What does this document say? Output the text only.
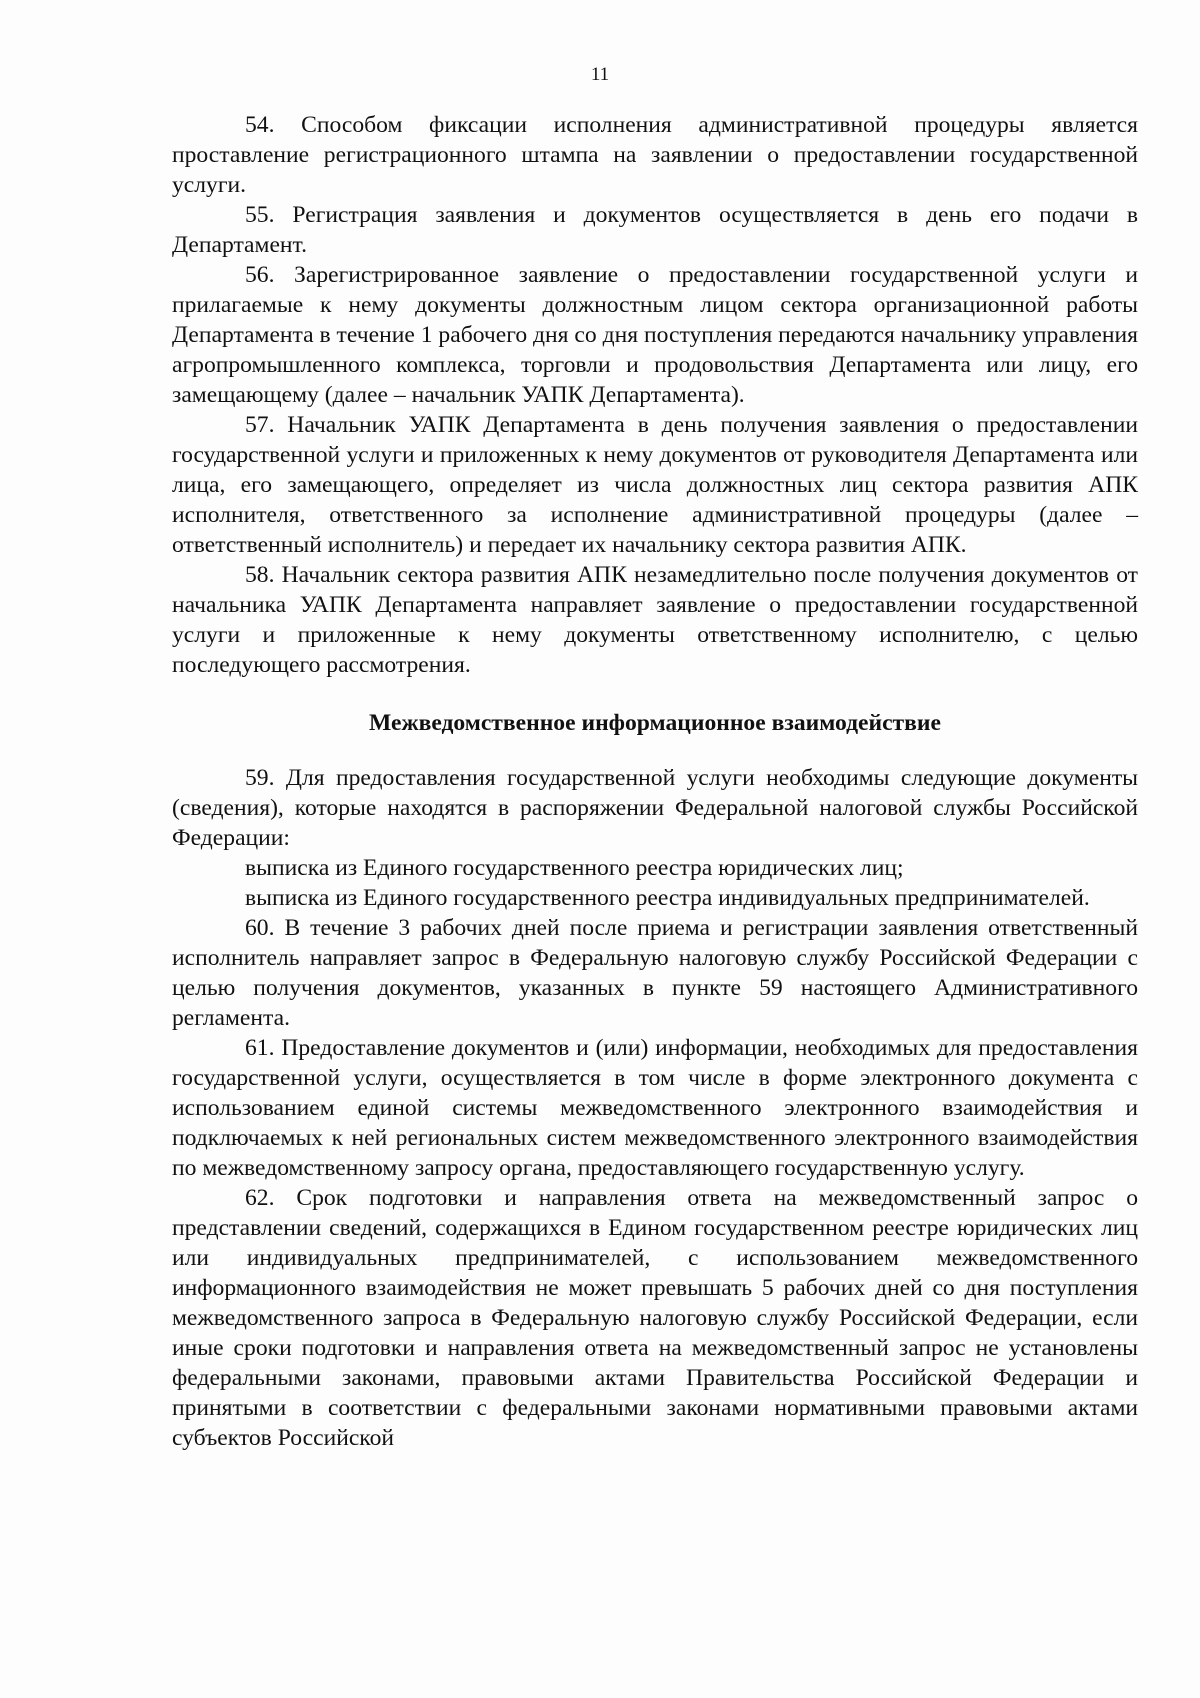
11

54. Способом фиксации исполнения административной процедуры является проставление регистрационного штампа на заявлении о предоставлении государственной услуги.

55. Регистрация заявления и документов осуществляется в день его подачи в Департамент.

56. Зарегистрированное заявление о предоставлении государственной услуги и прилагаемые к нему документы должностным лицом сектора организационной работы Департамента в течение 1 рабочего дня со дня поступления передаются начальнику управления агропромышленного комплекса, торговли и продовольствия Департамента или лицу, его замещающему (далее – начальник УАПК Департамента).

57. Начальник УАПК Департамента в день получения заявления о предоставлении государственной услуги и приложенных к нему документов от руководителя Департамента или лица, его замещающего, определяет из числа должностных лиц сектора развития АПК исполнителя, ответственного за исполнение административной процедуры (далее – ответственный исполнитель) и передает их начальнику сектора развития АПК.

58. Начальник сектора развития АПК незамедлительно после получения документов от начальника УАПК Департамента направляет заявление о предоставлении государственной услуги и приложенные к нему документы ответственному исполнителю, с целью последующего рассмотрения.

Межведомственное информационное взаимодействие

59. Для предоставления государственной услуги необходимы следующие документы (сведения), которые находятся в распоряжении Федеральной налоговой службы Российской Федерации:

выписка из Единого государственного реестра юридических лиц;

выписка из Единого государственного реестра индивидуальных предпринимателей.

60. В течение 3 рабочих дней после приема и регистрации заявления ответственный исполнитель направляет запрос в Федеральную налоговую службу Российской Федерации с целью получения документов, указанных в пункте 59 настоящего Административного регламента.

61. Предоставление документов и (или) информации, необходимых для предоставления государственной услуги, осуществляется в том числе в форме электронного документа с использованием единой системы межведомственного электронного взаимодействия и подключаемых к ней региональных систем межведомственного электронного взаимодействия по межведомственному запросу органа, предоставляющего государственную услугу.

62. Срок подготовки и направления ответа на межведомственный запрос о представлении сведений, содержащихся в Едином государственном реестре юридических лиц или индивидуальных предпринимателей, с использованием межведомственного информационного взаимодействия не может превышать 5 рабочих дней со дня поступления межведомственного запроса в Федеральную налоговую службу Российской Федерации, если иные сроки подготовки и направления ответа на межведомственный запрос не установлены федеральными законами, правовыми актами Правительства Российской Федерации и принятыми в соответствии с федеральными законами нормативными правовыми актами субъектов Российской
